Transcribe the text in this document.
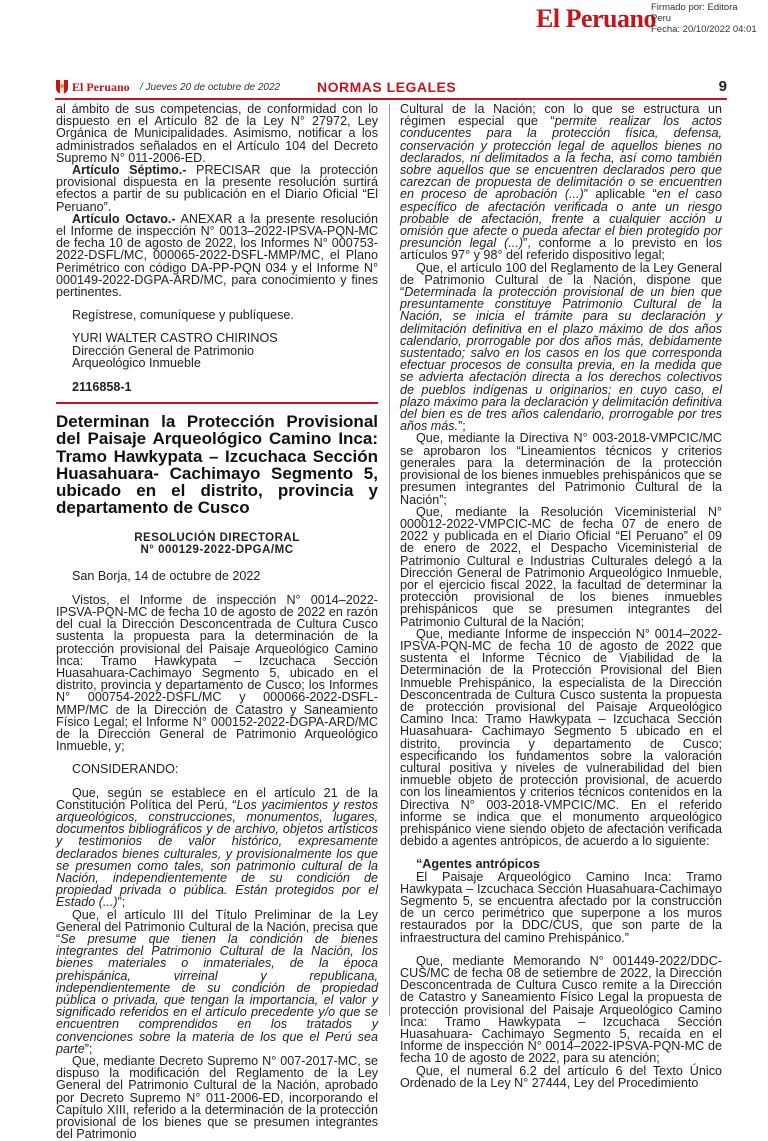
El Peruano
Firmado por: Editora
Peru
Fecha: 20/10/2022 04:01
El Peruano / Jueves 20 de octubre de 2022	NORMAS LEGALES	9

al ámbito de sus competencias, de conformidad con lo dispuesto en el Artículo 82 de la Ley N° 27972, Ley Orgánica de Municipalidades. Asimismo, notificar a los administrados señalados en el Artículo 104 del Decreto Supremo N° 011-2006-ED.

Artículo Séptimo.- PRECISAR que la protección provisional dispuesta en la presente resolución surtirá efectos a partir de su publicación en el Diario Oficial “El Peruano”.

Artículo Octavo.- ANEXAR a la presente resolución el Informe de inspección N° 0013–2022-IPSVA-PQN-MC de fecha 10 de agosto de 2022, los Informes N° 000753-2022-DSFL/MC, 000065-2022-DSFL-MMP/MC, el Plano Perimétrico con código DA-PP-PQN 034 y el Informe N° 000149-2022-DGPA-ARD/MC, para conocimiento y fines pertinentes.

Regístrese, comuníquese y publíquese.

YURI WALTER CASTRO CHIRINOS

Dirección General de Patrimonio

Arqueológico Inmueble

2116858-1

Determinan la Protección Provisional del Paisaje Arqueológico Camino Inca: Tramo Hawkypata – Izcuchaca Sección Huasahuara- Cachimayo Segmento 5, ubicado en el distrito, provincia y departamento de Cusco

RESOLUCIÓN DIRECTORAL

N° 000129-2022-DPGA/MC

San Borja, 14 de octubre de 2022

Vistos, el Informe de inspección N° 0014–2022-IPSVA-PQN-MC de fecha 10 de agosto de 2022 en razón del cual la Dirección Desconcentrada de Cultura Cusco sustenta la propuesta para la determinación de la protección provisional del Paisaje Arqueológico Camino Inca: Tramo Hawkypata – Izcuchaca Sección Huasahuara-Cachimayo Segmento 5, ubicado en el distrito, provincia y departamento de Cusco; los Informes N° 000754-2022-DSFL/MC y 000066-2022-DSFL-MMP/MC de la Dirección de Catastro y Saneamiento Físico Legal; el Informe N° 000152-2022-DGPA-ARD/MC de la Dirección General de Patrimonio Arqueológico Inmueble, y;

CONSIDERANDO:

Que, según se establece en el artículo 21 de la Constitución Política del Perú, “Los yacimientos y restos arqueológicos, construcciones, monumentos, lugares, documentos bibliográficos y de archivo, objetos artísticos y testimonios de valor histórico, expresamente declarados bienes culturales, y provisionalmente los que se presumen como tales, son patrimonio cultural de la Nación, independientemente de su condición de propiedad privada o pública. Están protegidos por el Estado (...)”;

Que, el artículo III del Título Preliminar de la Ley General del Patrimonio Cultural de la Nación, precisa que “Se presume que tienen la condición de bienes integrantes del Patrimonio Cultural de la Nación, los bienes materiales o inmateriales, de la época prehispánica, virreinal y republicana, independientemente de su condición de propiedad pública o privada, que tengan la importancia, el valor y significado referidos en el artículo precedente y/o que se encuentren comprendidos en los tratados y convenciones sobre la materia de los que el Perú sea parte”;

Que, mediante Decreto Supremo N° 007-2017-MC, se dispuso la modificación del Reglamento de la Ley General del Patrimonio Cultural de la Nación, aprobado por Decreto Supremo N° 011-2006-ED, incorporando el Capítulo XIII, referido a la determinación de la protección provisional de los bienes que se presumen integrantes del Patrimonio

Cultural de la Nación; con lo que se estructura un régimen especial que “permite realizar los actos conducentes para la protección física, defensa, conservación y protección legal de aquellos bienes no declarados, ni delimitados a la fecha, así como también sobre aquellos que se encuentren declarados pero que carezcan de propuesta de delimitación o se encuentren en proceso de aprobación (...)” aplicable “en el caso específico de afectación verificada o ante un riesgo probable de afectación, frente a cualquier acción u omisión que afecte o pueda afectar el bien protegido por presunción legal (...)”, conforme a lo previsto en los artículos 97° y 98° del referido dispositivo legal;

Que, el artículo 100 del Reglamento de la Ley General de Patrimonio Cultural de la Nación, dispone que “Determinada la protección provisional de un bien que presuntamente constituye Patrimonio Cultural de la Nación, se inicia el trámite para su declaración y delimitación definitiva en el plazo máximo de dos años calendario, prorrogable por dos años más, debidamente sustentado; salvo en los casos en los que corresponda efectuar procesos de consulta previa, en la medida que se advierta afectación directa a los derechos colectivos de pueblos indígenas u originarios; en cuyo caso, el plazo máximo para la declaración y delimitación definitiva del bien es de tres años calendario, prorrogable por tres años más.”;

Que, mediante la Directiva N° 003-2018-VMPCIC/MC se aprobaron los “Lineamientos técnicos y criterios generales para la determinación de la protección provisional de los bienes inmuebles prehispánicos que se presumen integrantes del Patrimonio Cultural de la Nación”;

Que, mediante la Resolución Viceministerial N° 000012-2022-VMPCIC-MC de fecha 07 de enero de 2022 y publicada en el Diario Oficial “El Peruano” el 09 de enero de 2022, el Despacho Viceministerial de Patrimonio Cultural e Industrias Culturales delegó a la Dirección General de Patrimonio Arqueológico Inmueble, por el ejercicio fiscal 2022, la facultad de determinar la protección provisional de los bienes inmuebles prehispánicos que se presumen integrantes del Patrimonio Cultural de la Nación;

Que, mediante Informe de inspección N° 0014–2022-IPSVA-PQN-MC de fecha 10 de agosto de 2022 que sustenta el Informe Técnico de Viabilidad de la Determinación de la Protección Provisional del Bien Inmueble Prehispánico, la especialista de la Dirección Desconcentrada de Cultura Cusco sustenta la propuesta de protección provisional del Paisaje Arqueológico Camino Inca: Tramo Hawkypata – Izcuchaca Sección Huasahuara- Cachimayo Segmento 5 ubicado en el distrito, provincia y departamento de Cusco; especificando los fundamentos sobre la valoración cultural positiva y niveles de vulnerabilidad del bien inmueble objeto de protección provisional, de acuerdo con los lineamientos y criterios técnicos contenidos en la Directiva N° 003-2018-VMPCIC/MC. En el referido informe se indica que el monumento arqueológico prehispánico viene siendo objeto de afectación verificada debido a agentes antrópicos, de acuerdo a lo siguiente:

“Agentes antrópicos

El Paisaje Arqueológico Camino Inca: Tramo Hawkypata – Izcuchaca Sección Huasahuara-Cachimayo Segmento 5, se encuentra afectado por la construcción de un cerco perimétrico que superpone a los muros restaurados por la DDC/CUS, que son parte de la infraestructura del camino Prehispánico.”

Que, mediante Memorando N° 001449-2022/DDC-CUS/MC de fecha 08 de setiembre de 2022, la Dirección Desconcentrada de Cultura Cusco remite a la Dirección de Catastro y Saneamiento Físico Legal la propuesta de protección provisional del Paisaje Arqueológico Camino Inca: Tramo Hawkypata – Izcuchaca Sección Huasahuara- Cachimayo Segmento 5, recaída en el Informe de inspección N° 0014–2022-IPSVA-PQN-MC de fecha 10 de agosto de 2022, para su atención;

Que, el numeral 6.2 del artículo 6 del Texto Único Ordenado de la Ley N° 27444, Ley del Procedimiento
